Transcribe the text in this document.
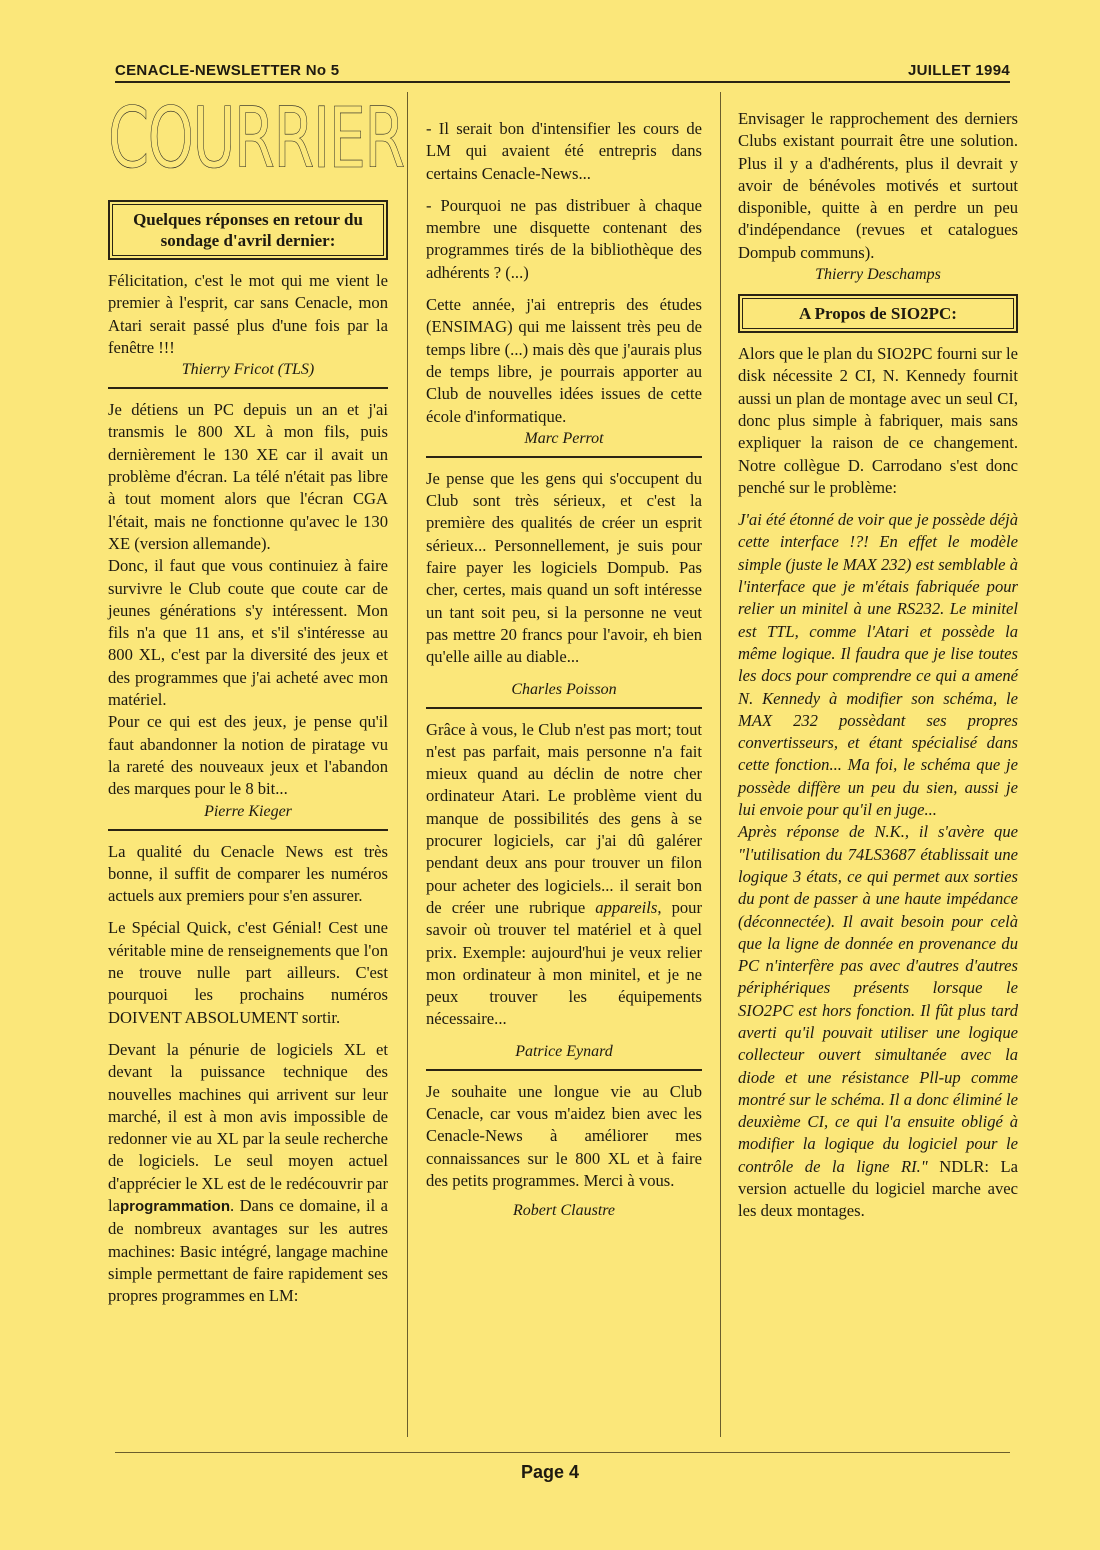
CENACLE-NEWSLETTER No 5	JUILLET 1994
COURRIER
Quelques réponses en retour du sondage d'avril dernier:

Félicitation, c'est le mot qui me vient le premier à l'esprit, car sans Cenacle, mon Atari serait passé plus d'une fois par la fenêtre !!!

Thierry Fricot (TLS)

Je détiens un PC depuis un an et j'ai transmis le 800 XL à mon fils, puis dernièrement le 130 XE car il avait un problème d'écran. La télé n'était pas libre à tout moment alors que l'écran CGA l'était, mais ne fonctionne qu'avec le 130 XE (version allemande).

Donc, il faut que vous continuiez à faire survivre le Club coute que coute car de jeunes générations s'y intéressent. Mon fils n'a que 11 ans, et s'il s'intéresse au 800 XL, c'est par la diversité des jeux et des programmes que j'ai acheté avec mon matériel.

Pour ce qui est des jeux, je pense qu'il faut abandonner la notion de piratage vu la rareté des nouveaux jeux et l'abandon des marques pour le 8 bit...

Pierre Kieger

La qualité du Cenacle News est très bonne, il suffit de comparer les numéros actuels aux premiers pour s'en assurer.

Le Spécial Quick, c'est Génial! Cest une véritable mine de renseignements que l'on ne trouve nulle part ailleurs. C'est pourquoi les prochains numéros DOIVENT ABSOLUMENT sortir.

Devant la pénurie de logiciels XL et devant la puissance technique des nouvelles machines qui arrivent sur leur marché, il est à mon avis impossible de redonner vie au XL par la seule recherche de logiciels. Le seul moyen actuel d'apprécier le XL est de le redécouvrir par laprogrammation. Dans ce domaine, il a de nombreux avantages sur les autres machines: Basic intégré, langage machine simple permettant de faire rapidement ses propres programmes en LM:

- Il serait bon d'intensifier les cours de LM qui avaient été entrepris dans certains Cenacle-News...

- Pourquoi ne pas distribuer à chaque membre une disquette contenant des programmes tirés de la bibliothèque des adhérents ? (...)

Cette année, j'ai entrepris des études (ENSIMAG) qui me laissent très peu de temps libre (...) mais dès que j'aurais plus de temps libre, je pourrais apporter au Club de nouvelles idées issues de cette école d'informatique.

Marc Perrot

Je pense que les gens qui s'occupent du Club sont très sérieux, et c'est la première des qualités de créer un esprit sérieux... Personnellement, je suis pour faire payer les logiciels Dompub. Pas cher, certes, mais quand un soft intéresse un tant soit peu, si la personne ne veut pas mettre 20 francs pour l'avoir, eh bien qu'elle aille au diable...

Charles Poisson

Grâce à vous, le Club n'est pas mort; tout n'est pas parfait, mais personne n'a fait mieux quand au déclin de notre cher ordinateur Atari. Le problème vient du manque de possibilités des gens à se procurer logiciels, car j'ai dû galérer pendant deux ans pour trouver un filon pour acheter des logiciels... il serait bon de créer une rubrique appareils, pour savoir où trouver tel matériel et à quel prix. Exemple: aujourd'hui je veux relier mon ordinateur à mon minitel, et je ne peux trouver les équipements nécessaire...

Patrice Eynard

Je souhaite une longue vie au Club Cenacle, car vous m'aidez bien avec les Cenacle-News à améliorer mes connaissances sur le 800 XL et à faire des petits programmes. Merci à vous.

Robert Claustre

Envisager le rapprochement des derniers Clubs existant pourrait être une solution. Plus il y a d'adhérents, plus il devrait y avoir de bénévoles motivés et surtout disponible, quitte à en perdre un peu d'indépendance (revues et catalogues Dompub communs).

Thierry Deschamps
A Propos de SIO2PC:

Alors que le plan du SIO2PC fourni sur le disk nécessite 2 CI, N. Kennedy fournit aussi un plan de montage avec un seul CI, donc plus simple à fabriquer, mais sans expliquer la raison de ce changement. Notre collègue D. Carrodano s'est donc penché sur le problème:

J'ai été étonné de voir que je possède déjà cette interface !?! En effet le modèle simple (juste le MAX 232) est semblable à l'interface que je m'étais fabriquée pour relier un minitel à une RS232. Le minitel est TTL, comme l'Atari et possède la même logique. Il faudra que je lise toutes les docs pour comprendre ce qui a amené N. Kennedy à modifier son schéma, le MAX 232 possèdant ses propres convertisseurs, et étant spécialisé dans cette fonction... Ma foi, le schéma que je possède diffère un peu du sien, aussi je lui envoie pour qu'il en juge...

Après réponse de N.K., il s'avère que "l'utilisation du 74LS3687 établissait une logique 3 états, ce qui permet aux sorties du pont de passer à une haute impédance (déconnectée). Il avait besoin pour celà que la ligne de donnée en provenance du PC n'interfère pas avec d'autres d'autres périphériques présents lorsque le SIO2PC est hors fonction. Il fût plus tard averti qu'il pouvait utiliser une logique collecteur ouvert simultanée avec la diode et une résistance Pll-up comme montré sur le schéma. Il a donc éliminé le deuxième CI, ce qui l'a ensuite obligé à modifier la logique du logiciel pour le contrôle de la ligne RI." NDLR: La version actuelle du logiciel marche avec les deux montages.

Page 4
